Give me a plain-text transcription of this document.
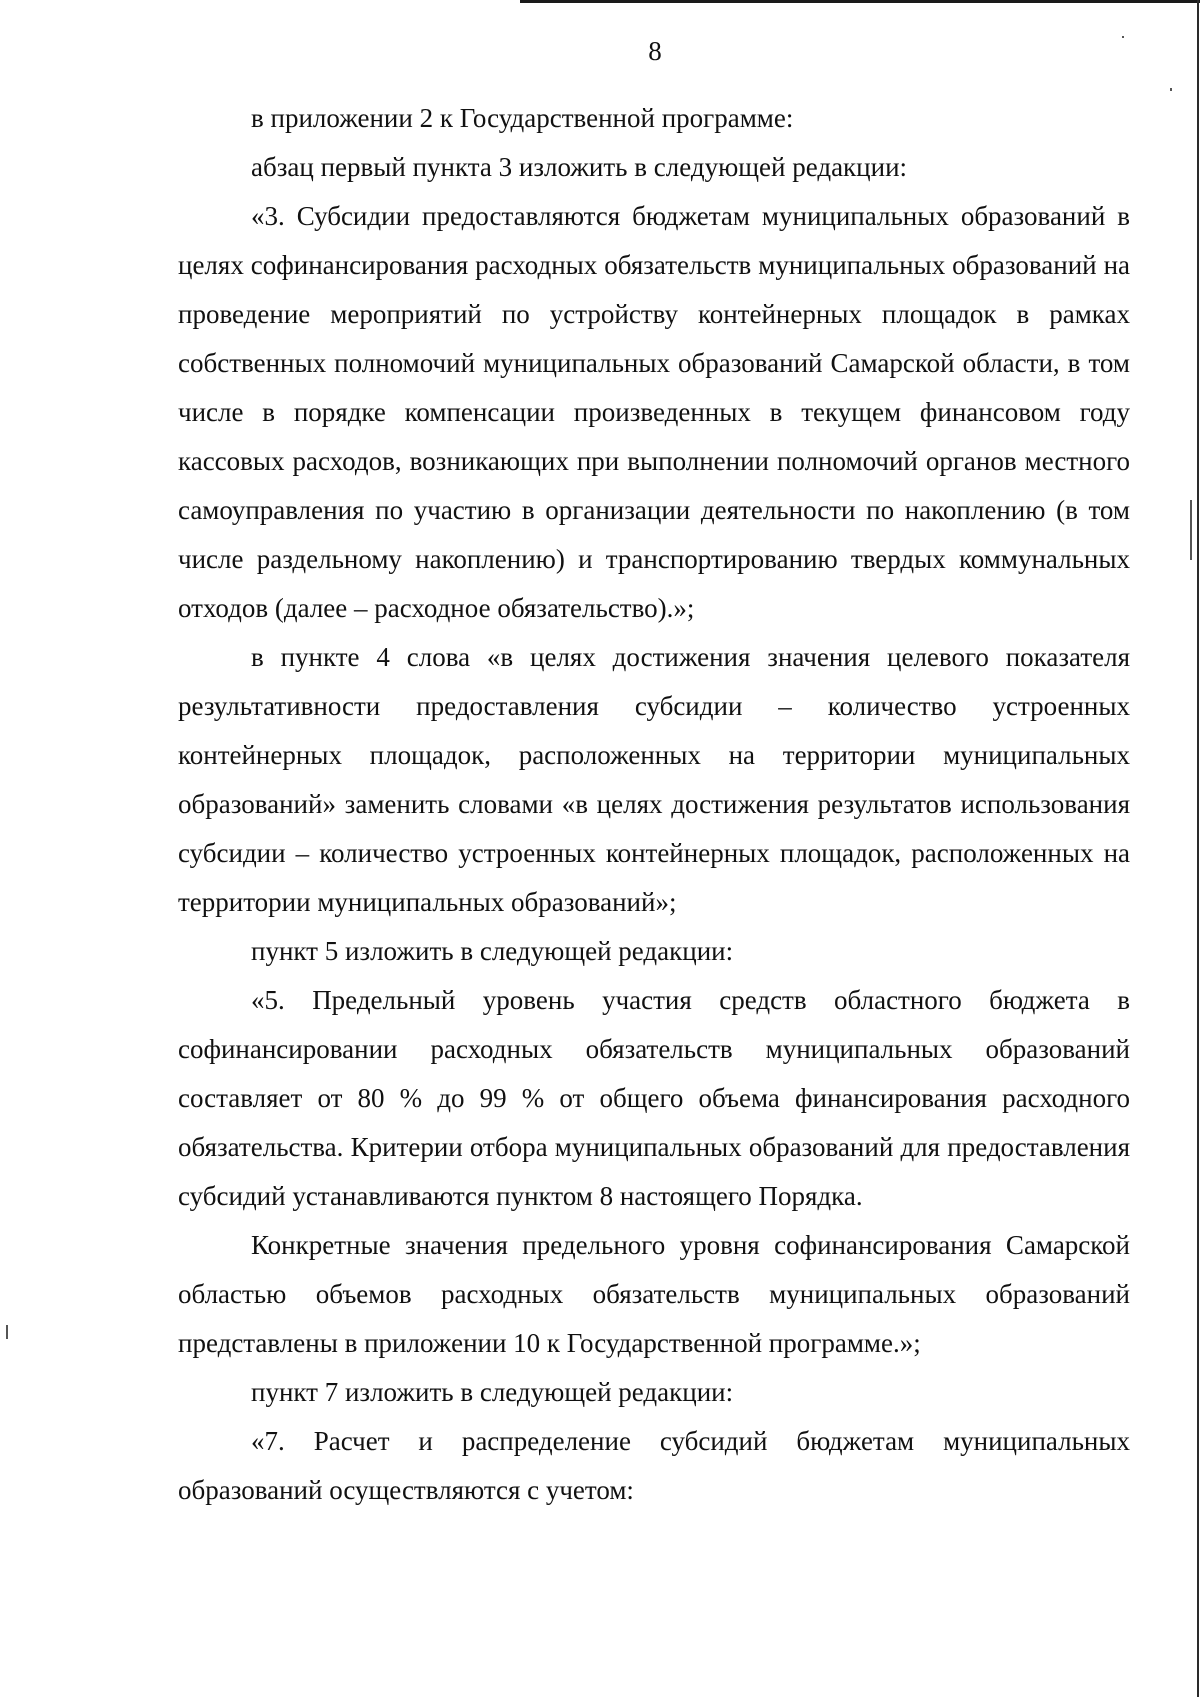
8

в приложении 2 к Государственной программе:

абзац первый пункта 3 изложить в следующей редакции:

«3. Субсидии предоставляются бюджетам муниципальных образований в целях софинансирования расходных обязательств муниципальных образований на проведение мероприятий по устройству контейнерных площадок в рамках собственных полномочий муниципальных образований Самарской области, в том числе в порядке компенсации произведенных в текущем финансовом году кассовых расходов, возникающих при выполнении полномочий органов местного самоуправления по участию в организации деятельности по накоплению (в том числе раздельному накоплению) и транспортированию твердых коммунальных отходов (далее – расходное обязательство).»;

в пункте 4 слова «в целях достижения значения целевого показателя результативности предоставления субсидии – количество устроенных контейнерных площадок, расположенных на территории муниципальных образований» заменить словами «в целях достижения результатов использования субсидии – количество устроенных контейнерных площадок, расположенных на территории муниципальных образований»;

пункт 5 изложить в следующей редакции:

«5. Предельный уровень участия средств областного бюджета в софинансировании расходных обязательств муниципальных образований составляет от 80 % до 99 % от общего объема финансирования расходного обязательства. Критерии отбора муниципальных образований для предоставления субсидий устанавливаются пунктом 8 настоящего Порядка.

Конкретные значения предельного уровня софинансирования Самарской областью объемов расходных обязательств муниципальных образований представлены в приложении 10 к Государственной программе.»;

пункт 7 изложить в следующей редакции:

«7. Расчет и распределение субсидий бюджетам муниципальных образований осуществляются с учетом:
